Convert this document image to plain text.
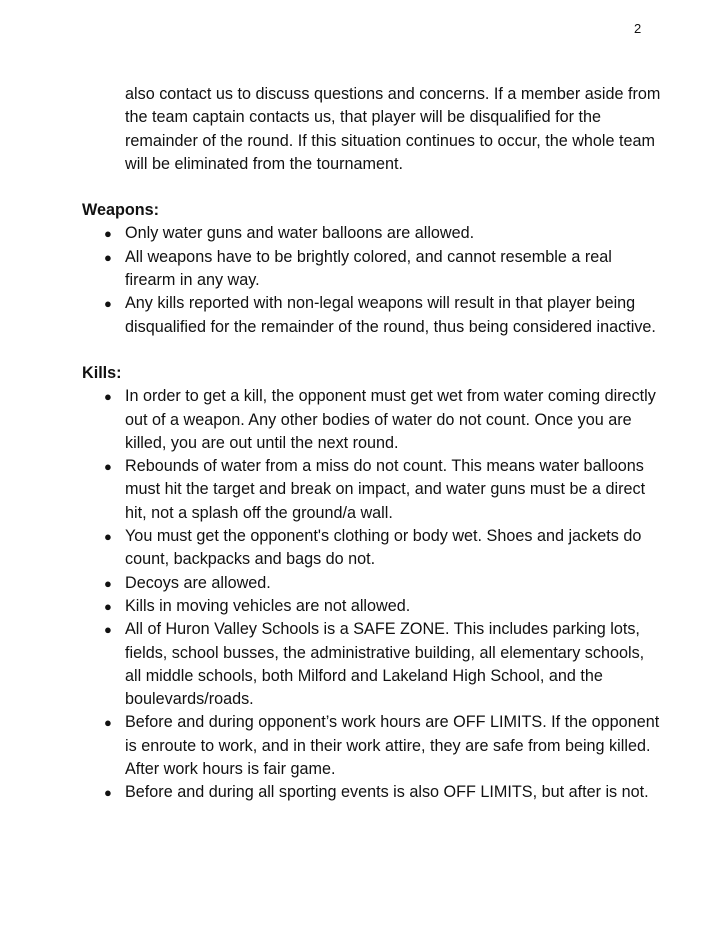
2

also contact us to discuss questions and concerns. If a member aside from the team captain contacts us, that player will be disqualified for the remainder of the round. If this situation continues to occur, the whole team will be eliminated from the tournament.

Weapons:

● Only water guns and water balloons are allowed.
● All weapons have to be brightly colored, and cannot resemble a real firearm in any way.
● Any kills reported with non-legal weapons will result in that player being disqualified for the remainder of the round, thus being considered inactive.

Kills:

● In order to get a kill, the opponent must get wet from water coming directly out of a weapon. Any other bodies of water do not count. Once you are killed, you are out until the next round.
● Rebounds of water from a miss do not count. This means water balloons must hit the target and break on impact, and water guns must be a direct hit, not a splash off the ground/a wall.
● You must get the opponent's clothing or body wet. Shoes and jackets do count, backpacks and bags do not.
● Decoys are allowed.
● Kills in moving vehicles are not allowed.
● All of Huron Valley Schools is a SAFE ZONE. This includes parking lots, fields, school busses, the administrative building, all elementary schools, all middle schools, both Milford and Lakeland High School, and the boulevards/roads.
● Before and during opponent’s work hours are OFF LIMITS. If the opponent is enroute to work, and in their work attire, they are safe from being killed. After work hours is fair game.
● Before and during all sporting events is also OFF LIMITS, but after is not.
